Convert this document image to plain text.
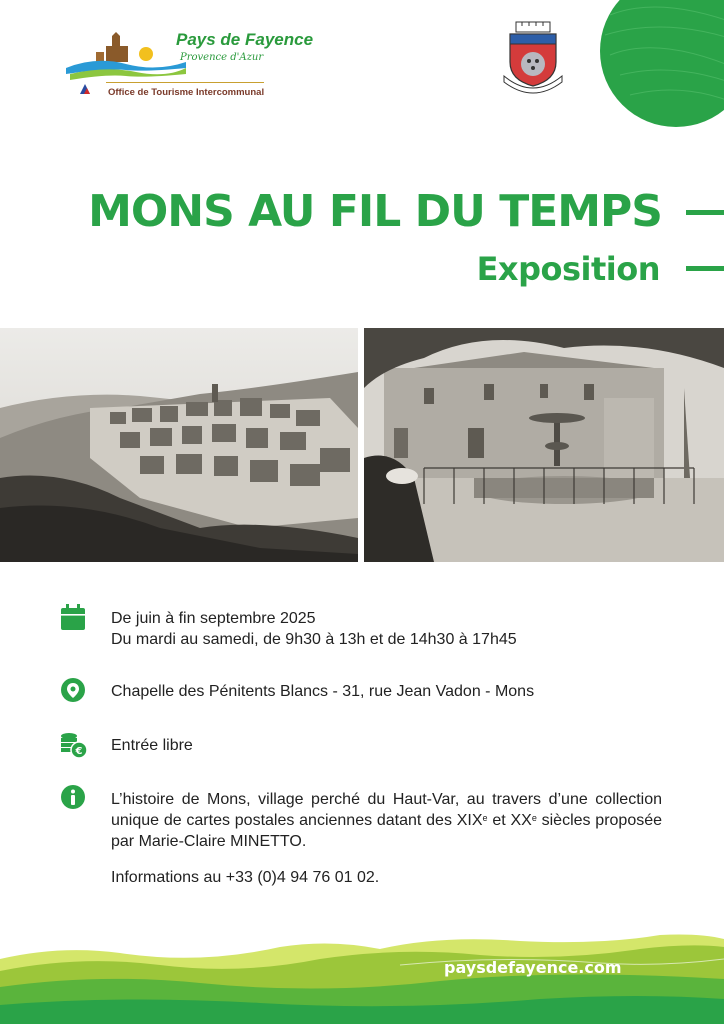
Pays de Fayence
Provence d'Azur
Office de Tourisme Intercommunal
MONS AU FIL DU TEMPS
Exposition
De juin à fin septembre 2025
Du mardi au samedi, de 9h30 à 13h et de 14h30 à 17h45
Chapelle des Pénitents Blancs - 31, rue Jean Vadon - Mons
€ Entrée libre
L’histoire de Mons, village perché du Haut-Var, au travers d’une collection unique de cartes postales anciennes datant des XIXe et XXe siècles proposée par Marie-Claire MINETTO.
Informations au +33 (0)4 94 76 01 02.
paysdefayence.com
